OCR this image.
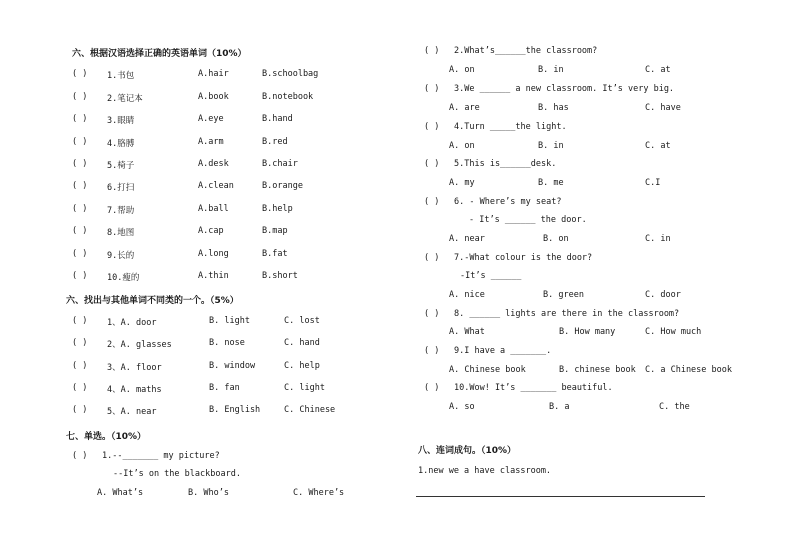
六、根据汉语选择正确的英语单词（10%）
( ) 1.书包	A.hair	B.schoolbag
( ) 2.笔记本	A.book	B.notebook
( ) 3.眼睛	A.eye	B.hand
( ) 4.胳膊	A.arm	B.red
( ) 5.椅子	A.desk	B.chair
( ) 6.打扫	A.clean	B.orange
( ) 7.帮助	A.ball	B.help
( ) 8.地图	A.cap	B.map
( ) 9.长的	A.long	B.fat
( ) 10.瘦的	A.thin	B.short
六、找出与其他单词不同类的一个。（5%）
( ) 1、A. door	B. light	C. lost
( ) 2、A. glasses	B. nose	C. hand
( ) 3、A. floor	B. window	C. help
( ) 4、A. maths	B. fan	C. light
( ) 5、A. near	B. English	C. Chinese
七、单选。（10%）
( ) 1.--_______ my picture?
--It’s on the blackboard.
A. What’s	B. Who’s	C. Where’s
( ) 2.What’s______the classroom?
A. on	B. in	C. at
( ) 3.We ______ a new classroom. It’s very big.
A. are	B. has	C. have
( ) 4.Turn _____the light.
A. on	B. in	C. at
( ) 5.This is______desk.
A. my	B. me	C.I
( ) 6. - Where’s my seat?
- It’s ______ the door.
A. near	B. on	C. in
( ) 7.-What colour is the door?
-It’s ______
A. nice	B. green	C. door
( ) 8. ______ lights are there in the classroom?
A. What	B. How many	C. How much
( ) 9.I have a _______.
A. Chinese book	B. chinese book C. a Chinese book
( ) 10.Wow! It’s _______ beautiful.
A. so	B. a	C. the
八、连词成句。（10%）
1.new we a have classroom.
